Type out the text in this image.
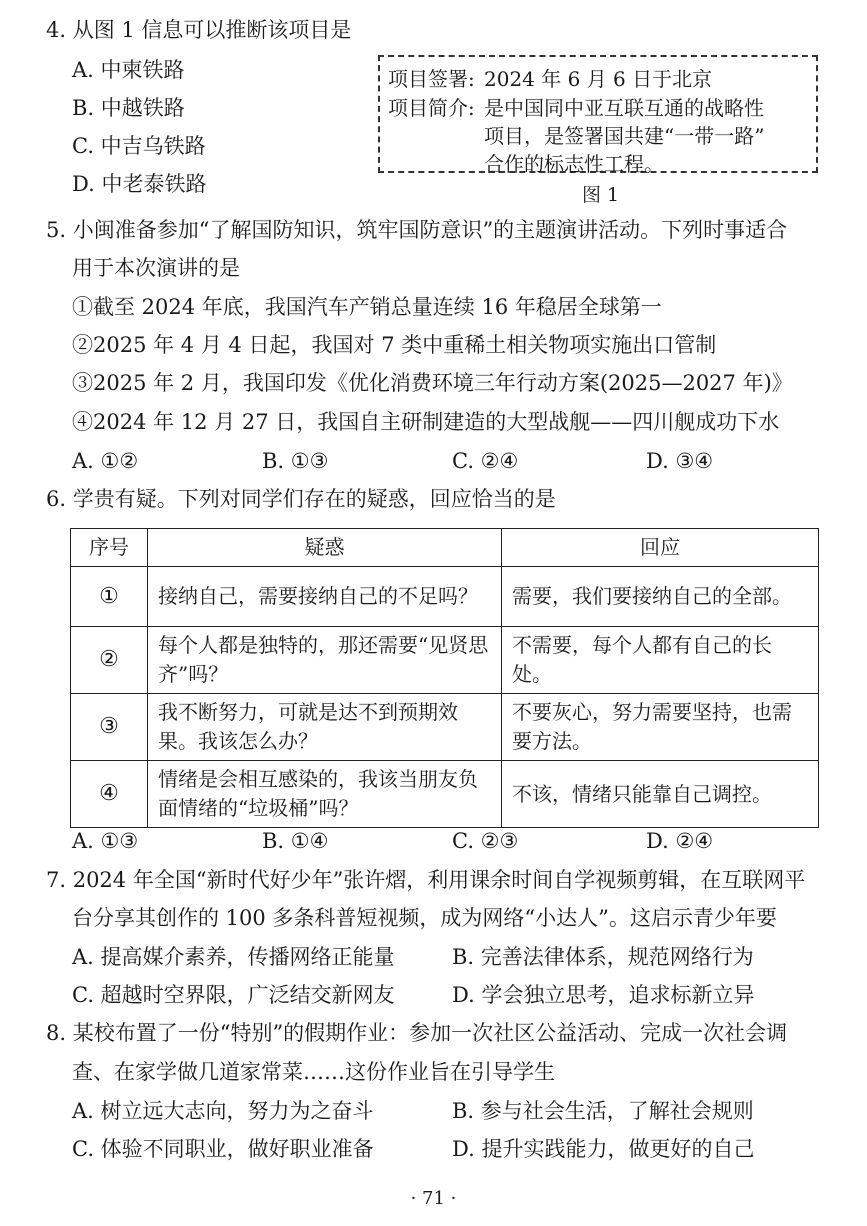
4. 从图 1 信息可以推断该项目是
A. 中柬铁路
B. 中越铁路
C. 中吉乌铁路
D. 中老泰铁路
项目签署: 2024 年 6 月 6 日于北京
项目简介: 是中国同中亚互联互通的战略性
项目，是签署国共建“一带一路”
合作的标志性工程。
图 1
5. 小闽准备参加“了解国防知识，筑牢国防意识”的主题演讲活动。下列时事适合
用于本次演讲的是
①截至 2024 年底，我国汽车产销总量连续 16 年稳居全球第一
②2025 年 4 月 4 日起，我国对 7 类中重稀土相关物项实施出口管制
③2025 年 2 月，我国印发《优化消费环境三年行动方案(2025—2027 年)》
④2024 年 12 月 27 日，我国自主研制建造的大型战舰——四川舰成功下水
A. ①②	B. ①③	C. ②④	D. ③④
6. 学贵有疑。下列对同学们存在的疑惑，回应恰当的是
序号	疑惑	回应
①	接纳自己，需要接纳自己的不足吗？	需要，我们要接纳自己的全部。
②	每个人都是独特的，那还需要“见贤思齐”吗？	不需要，每个人都有自己的长处。
③	我不断努力，可就是达不到预期效果。我该怎么办？	不要灰心，努力需要坚持，也需要方法。
④	情绪是会相互感染的，我该当朋友负面情绪的“垃圾桶”吗？	不该，情绪只能靠自己调控。
A. ①③	B. ①④	C. ②③	D. ②④
7. 2024 年全国“新时代好少年”张许熠，利用课余时间自学视频剪辑，在互联网平
台分享其创作的 100 多条科普短视频，成为网络“小达人”。这启示青少年要
A. 提高媒介素养，传播网络正能量	B. 完善法律体系，规范网络行为
C. 超越时空界限，广泛结交新网友	D. 学会独立思考，追求标新立异
8. 某校布置了一份“特别”的假期作业：参加一次社区公益活动、完成一次社会调
查、在家学做几道家常菜……这份作业旨在引导学生
A. 树立远大志向，努力为之奋斗	B. 参与社会生活，了解社会规则
C. 体验不同职业，做好职业准备	D. 提升实践能力，做更好的自己
· 71 ·
